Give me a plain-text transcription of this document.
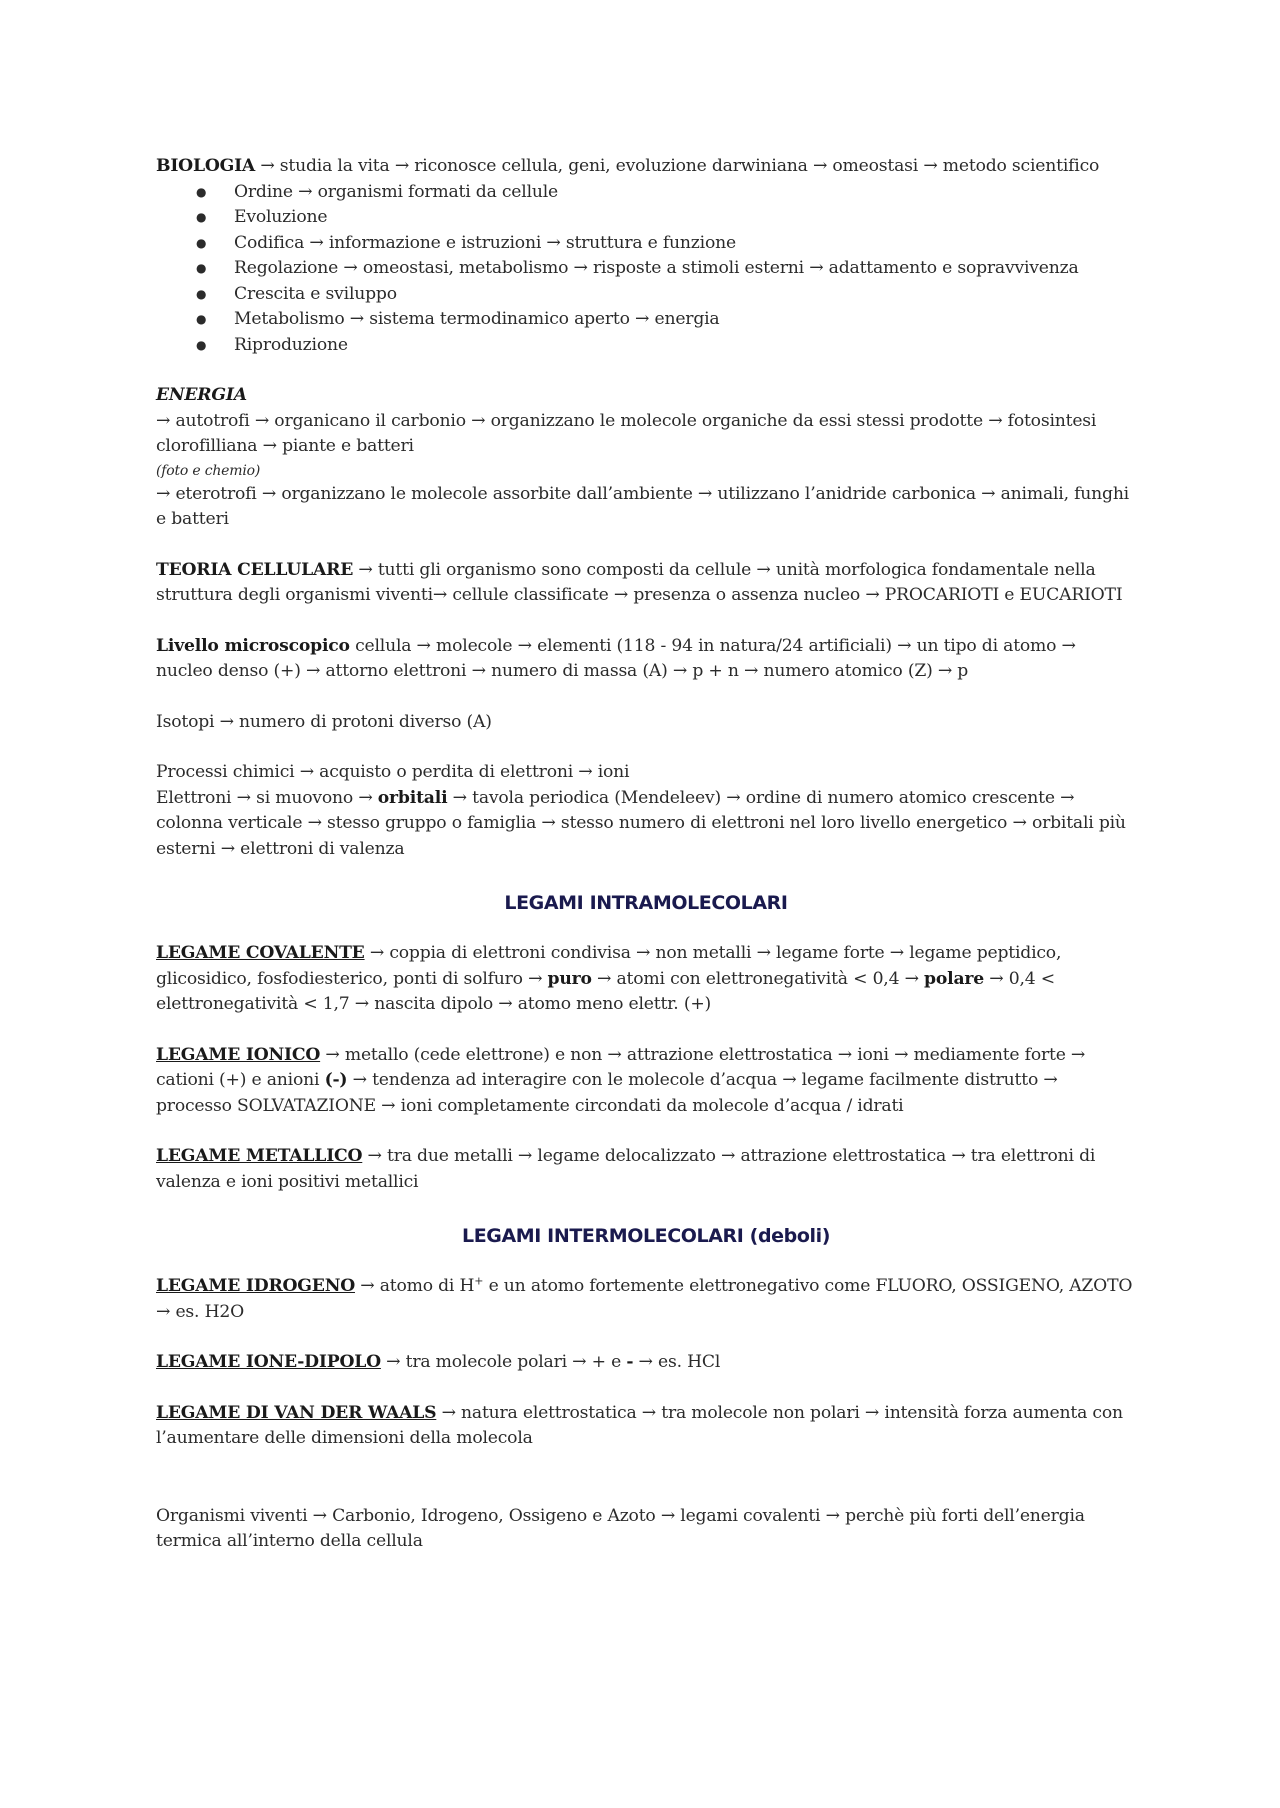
BIOLOGIA → studia la vita → riconosce cellula, geni, evoluzione darwiniana → omeostasi → metodo scientifico

● Ordine → organismi formati da cellule
● Evoluzione
● Codifica → informazione e istruzioni → struttura e funzione
● Regolazione → omeostasi, metabolismo → risposte a stimoli esterni → adattamento e sopravvivenza
● Crescita e sviluppo
● Metabolismo → sistema termodinamico aperto → energia
● Riproduzione

ENERGIA

→ autotrofi → organicano il carbonio → organizzano le molecole organiche da essi stessi prodotte → fotosintesi clorofilliana → piante e batteri

(foto e chemio)

→ eterotrofi → organizzano le molecole assorbite dall’ambiente → utilizzano l’anidride carbonica → animali, funghi e batteri

TEORIA CELLULARE → tutti gli organismo sono composti da cellule → unità morfologica fondamentale nella struttura degli organismi viventi→ cellule classificate → presenza o assenza nucleo → PROCARIOTI e EUCARIOTI

Livello microscopico cellula → molecole → elementi (118 - 94 in natura/24 artificiali) → un tipo di atomo → nucleo denso (+) → attorno elettroni → numero di massa (A) → p + n → numero atomico (Z) → p

Isotopi → numero di protoni diverso (A)

Processi chimici → acquisto o perdita di elettroni → ioni

Elettroni → si muovono → orbitali → tavola periodica (Mendeleev) → ordine di numero atomico crescente → colonna verticale → stesso gruppo o famiglia → stesso numero di elettroni nel loro livello energetico → orbitali più esterni → elettroni di valenza

LEGAMI INTRAMOLECOLARI

LEGAME COVALENTE → coppia di elettroni condivisa → non metalli → legame forte → legame peptidico, glicosidico, fosfodiesterico, ponti di solfuro → puro → atomi con elettronegatività < 0,4 → polare → 0,4 < elettronegatività < 1,7 → nascita dipolo → atomo meno elettr. (+)

LEGAME IONICO → metallo (cede elettrone) e non → attrazione elettrostatica → ioni → mediamente forte → cationi (+) e anioni (-) → tendenza ad interagire con le molecole d’acqua → legame facilmente distrutto → processo SOLVATAZIONE → ioni completamente circondati da molecole d’acqua / idrati

LEGAME METALLICO → tra due metalli → legame delocalizzato → attrazione elettrostatica → tra elettroni di valenza e ioni positivi metallici

LEGAMI INTERMOLECOLARI (deboli)

LEGAME IDROGENO → atomo di H+ e un atomo fortemente elettronegativo come FLUORO, OSSIGENO, AZOTO → es. H2O

LEGAME IONE-DIPOLO → tra molecole polari → + e - → es. HCl

LEGAME DI VAN DER WAALS → natura elettrostatica → tra molecole non polari → intensità forza aumenta con l’aumentare delle dimensioni della molecola

Organismi viventi → Carbonio, Idrogeno, Ossigeno e Azoto → legami covalenti → perchè più forti dell’energia termica all’interno della cellula
